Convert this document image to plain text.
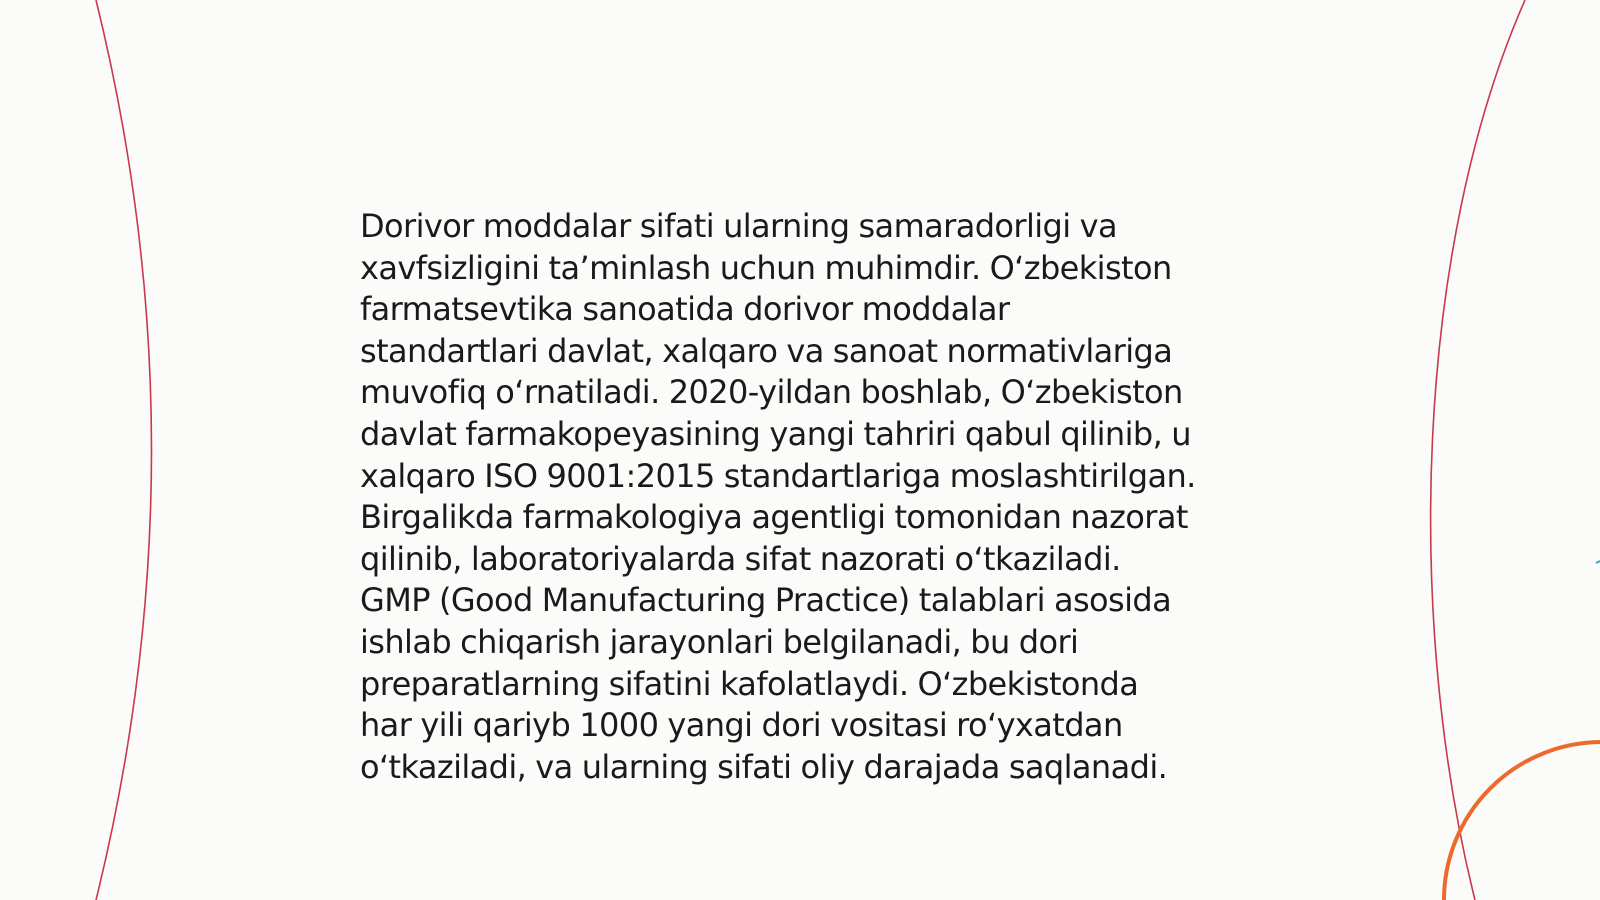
Dorivor moddalar sifati ularning samaradorligi va
xavfsizligini ta’minlash uchun muhimdir. O‘zbekiston
farmatsevtika sanoatida dorivor moddalar
standartlari davlat, xalqaro va sanoat normativlariga
muvofiq o‘rnatiladi. 2020-yildan boshlab, O‘zbekiston
davlat farmakopeyasining yangi tahriri qabul qilinib, u
xalqaro ISO 9001:2015 standartlariga moslashtirilgan.
Birgalikda farmakologiya agentligi tomonidan nazorat
qilinib, laboratoriyalarda sifat nazorati o‘tkaziladi.
GMP (Good Manufacturing Practice) talablari asosida
ishlab chiqarish jarayonlari belgilanadi, bu dori
preparatlarning sifatini kafolatlaydi. O‘zbekistonda
har yili qariyb 1000 yangi dori vositasi ro‘yxatdan
o‘tkaziladi, va ularning sifati oliy darajada saqlanadi.
